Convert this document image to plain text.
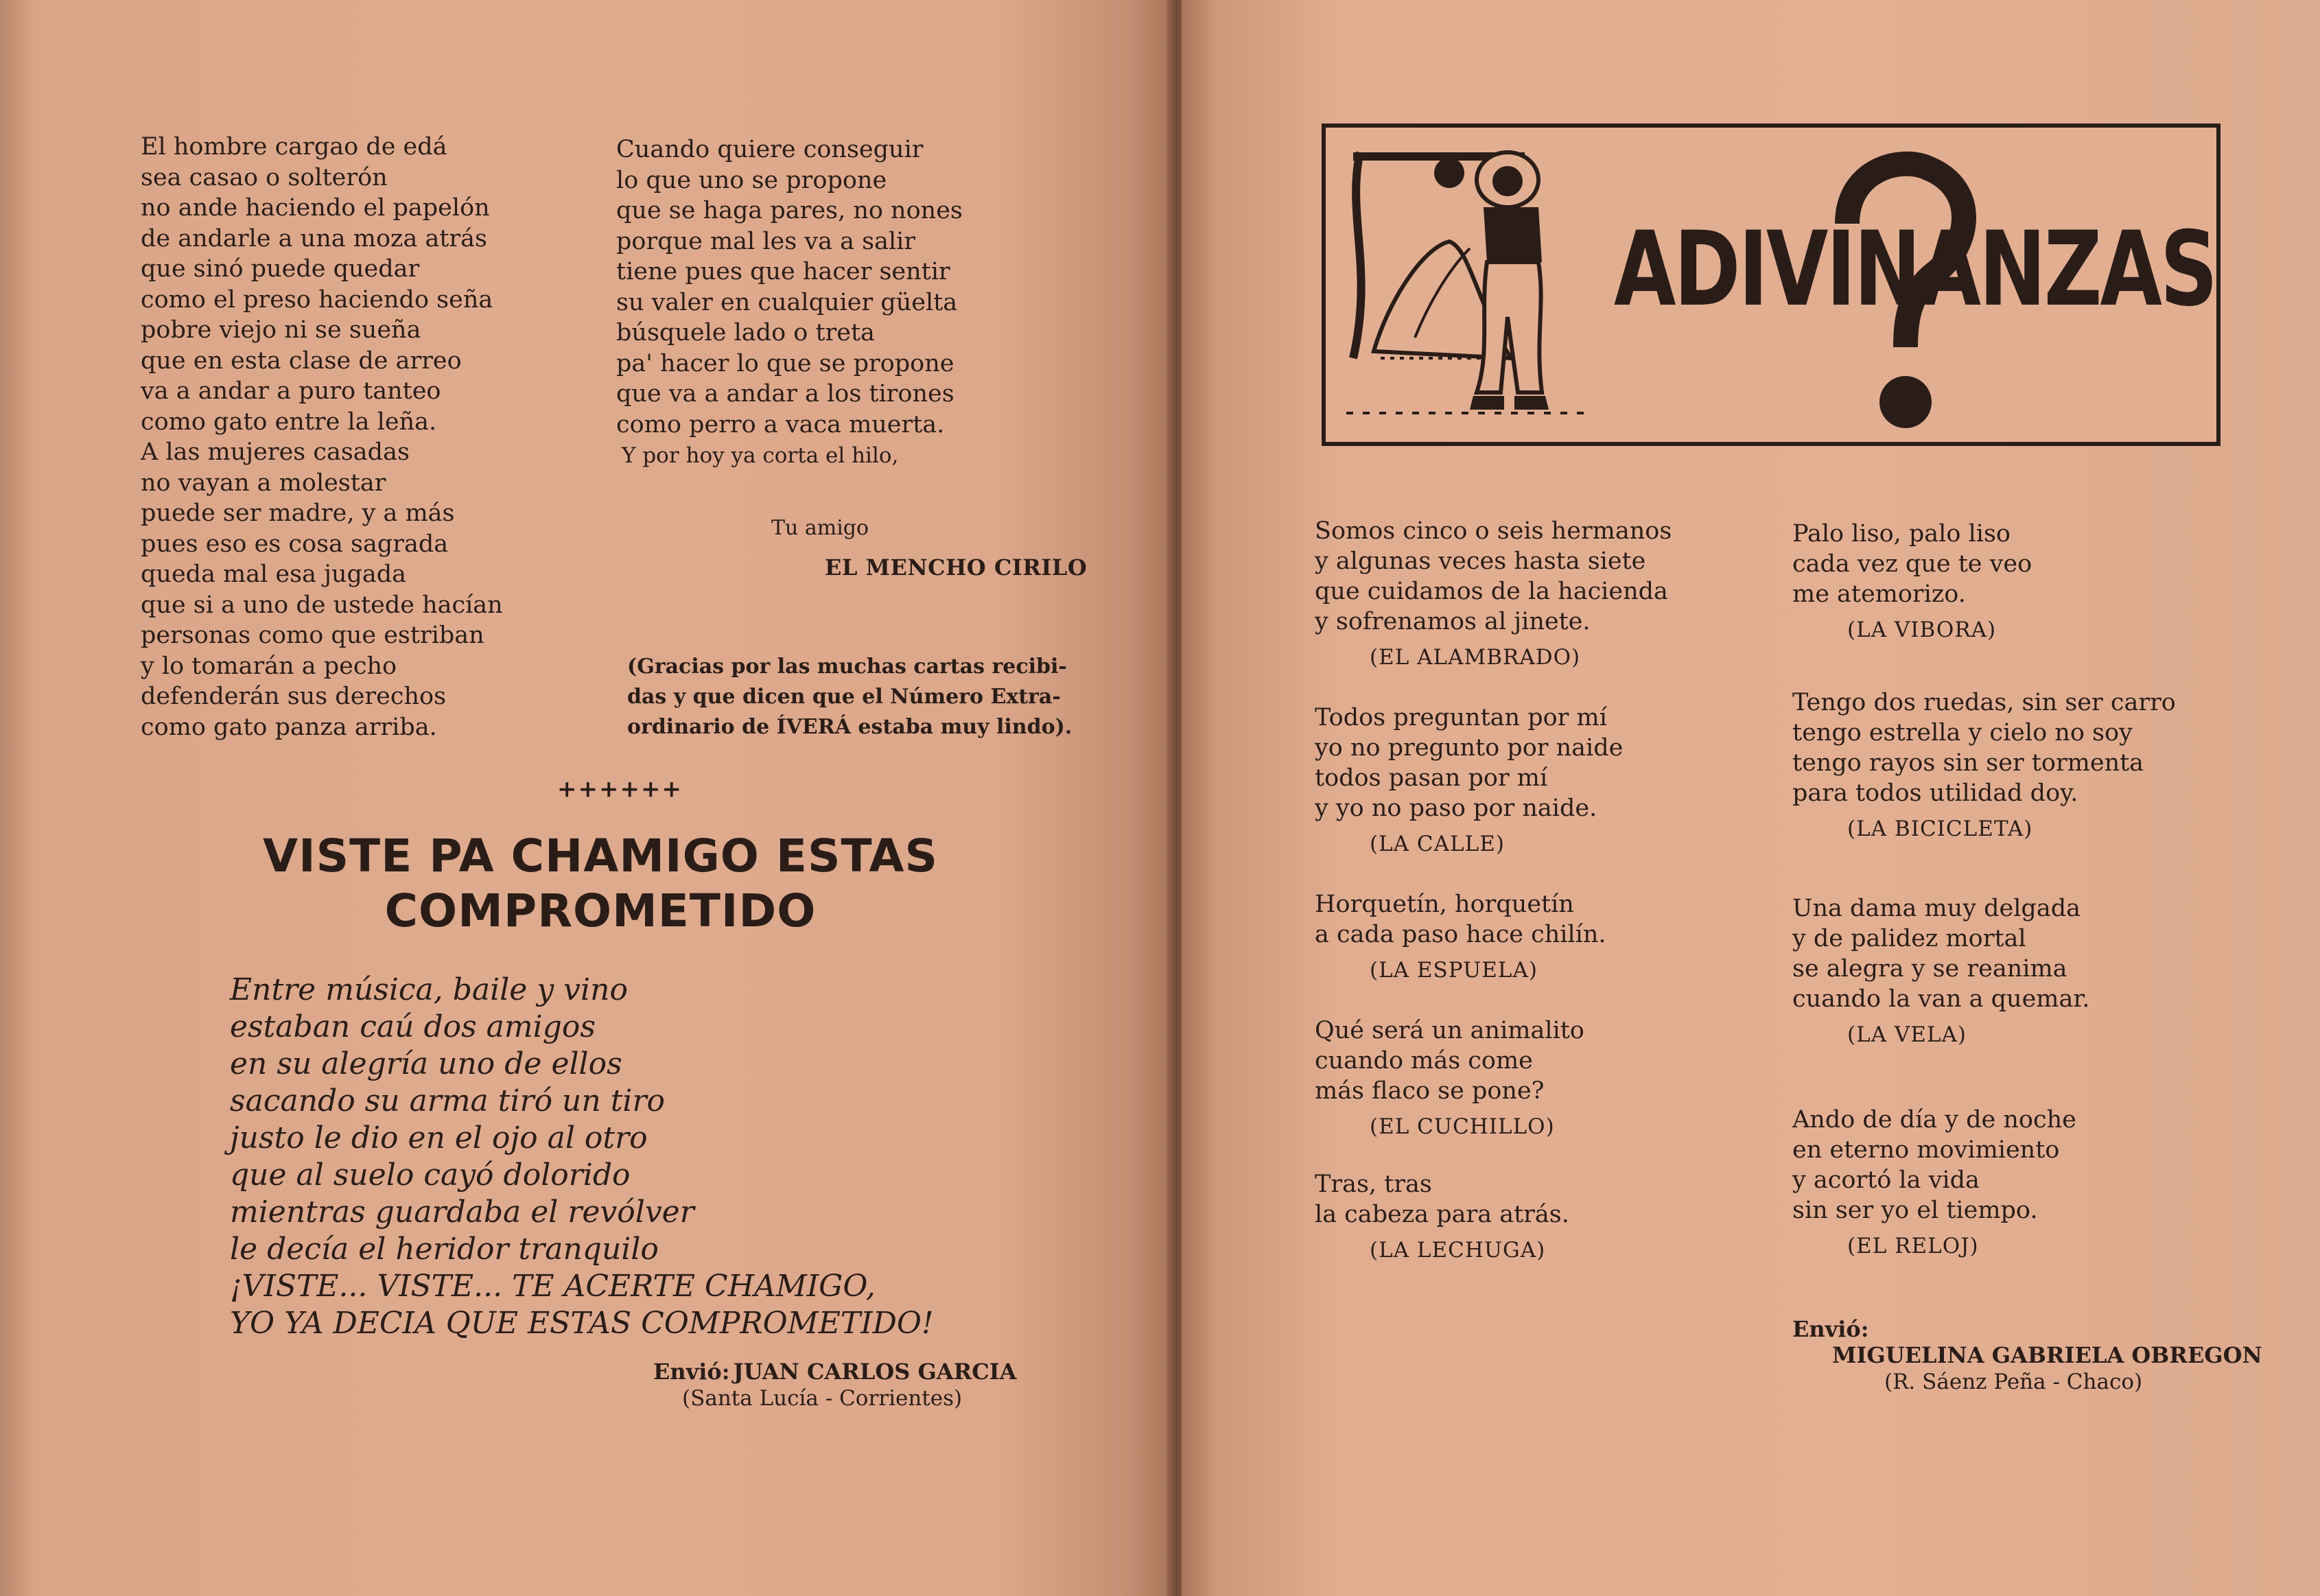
El hombre cargao de edá
sea casao o solterón
no ande haciendo el papelón
de andarle a una moza atrás
que sinó puede quedar
como el preso haciendo seña
pobre viejo ni se sueña
que en esta clase de arreo
va a andar a puro tanteo
como gato entre la leña.
A las mujeres casadas
no vayan a molestar
puede ser madre, y a más
pues eso es cosa sagrada
queda mal esa jugada
que si a uno de ustede hacían
personas como que estriban
y lo tomarán a pecho
defenderán sus derechos
como gato panza arriba.
Cuando quiere conseguir
lo que uno se propone
que se haga pares, no nones
porque mal les va a salir
tiene pues que hacer sentir
su valer en cualquier güelta
búsquele lado o treta
pa' hacer lo que se propone
que va a andar a los tirones
como perro a vaca muerta.
Y por hoy ya corta el hilo,
Tu amigo
EL MENCHO CIRILO
(Gracias por las muchas cartas recibi-
das y que dicen que el Número Extra-
ordinario de ÍVERÁ estaba muy lindo).
++++++
VISTE PA CHAMIGO ESTAS
COMPROMETIDO
Entre música, baile y vino
estaban caú dos amigos
en su alegría uno de ellos
sacando su arma tiró un tiro
justo le dio en el ojo al otro
que al suelo cayó dolorido
mientras guardaba el revólver
le decía el heridor tranquilo
¡VISTE... VISTE... TE ACERTE CHAMIGO,
YO YA DECIA QUE ESTAS COMPROMETIDO!
Envió: JUAN CARLOS GARCIA
(Santa Lucía - Corrientes)
ADIVINANZAS
Somos cinco o seis hermanos
y algunas veces hasta siete
que cuidamos de la hacienda
y sofrenamos al jinete.
(EL ALAMBRADO)
Todos preguntan por mí
yo no pregunto por naide
todos pasan por mí
y yo no paso por naide.
(LA CALLE)
Horquetín, horquetín
a cada paso hace chilín.
(LA ESPUELA)
Qué será un animalito
cuando más come
más flaco se pone?
(EL CUCHILLO)
Tras, tras
la cabeza para atrás.
(LA LECHUGA)
Palo liso, palo liso
cada vez que te veo
me atemorizo.
(LA VIBORA)
Tengo dos ruedas, sin ser carro
tengo estrella y cielo no soy
tengo rayos sin ser tormenta
para todos utilidad doy.
(LA BICICLETA)
Una dama muy delgada
y de palidez mortal
se alegra y se reanima
cuando la van a quemar.
(LA VELA)
Ando de día y de noche
en eterno movimiento
y acortó la vida
sin ser yo el tiempo.
(EL RELOJ)
Envió:
MIGUELINA GABRIELA OBREGON
(R. Sáenz Peña - Chaco)
